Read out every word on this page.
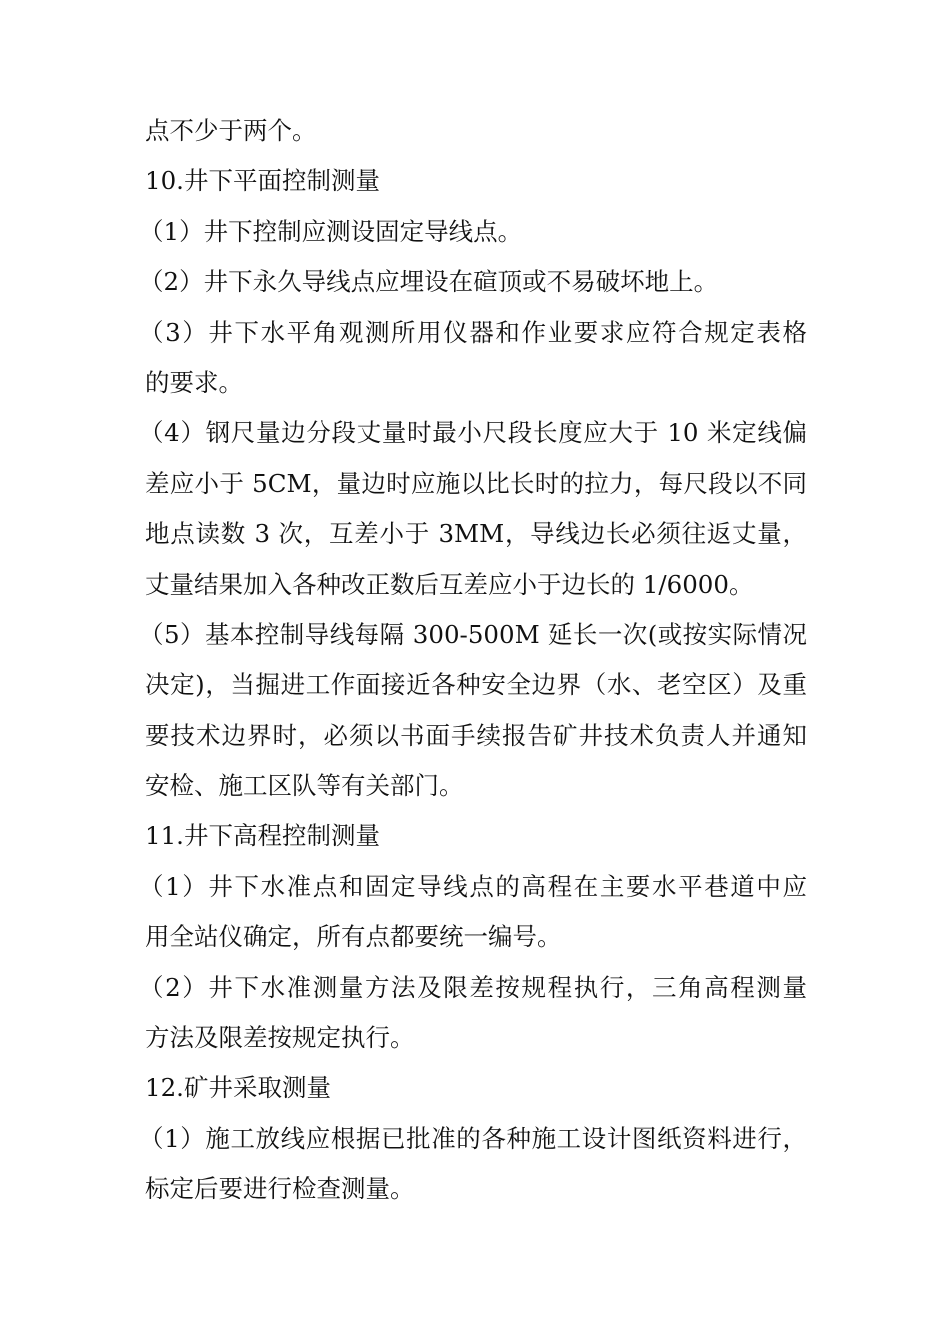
点不少于两个。
10.井下平面控制测量
（1）井下控制应测设固定导线点。
（2）井下永久导线点应埋设在碹顶或不易破坏地上。
（3）井下水平角观测所用仪器和作业要求应符合规定表格
的要求。
（4）钢尺量边分段丈量时最小尺段长度应大于 10 米定线偏
差应小于 5CM，量边时应施以比长时的拉力，每尺段以不同
地点读数 3 次，互差小于 3MM，导线边长必须往返丈量，
丈量结果加入各种改正数后互差应小于边长的 1/6000。
（5）基本控制导线每隔 300-500M 延长一次(或按实际情况
决定)，当掘进工作面接近各种安全边界（水、老空区）及重
要技术边界时，必须以书面手续报告矿井技术负责人并通知
安检、施工区队等有关部门。
11.井下高程控制测量
（1）井下水准点和固定导线点的高程在主要水平巷道中应
用全站仪确定，所有点都要统一编号。
（2）井下水准测量方法及限差按规程执行，三角高程测量
方法及限差按规定执行。
12.矿井采取测量
（1）施工放线应根据已批准的各种施工设计图纸资料进行，
标定后要进行检查测量。
